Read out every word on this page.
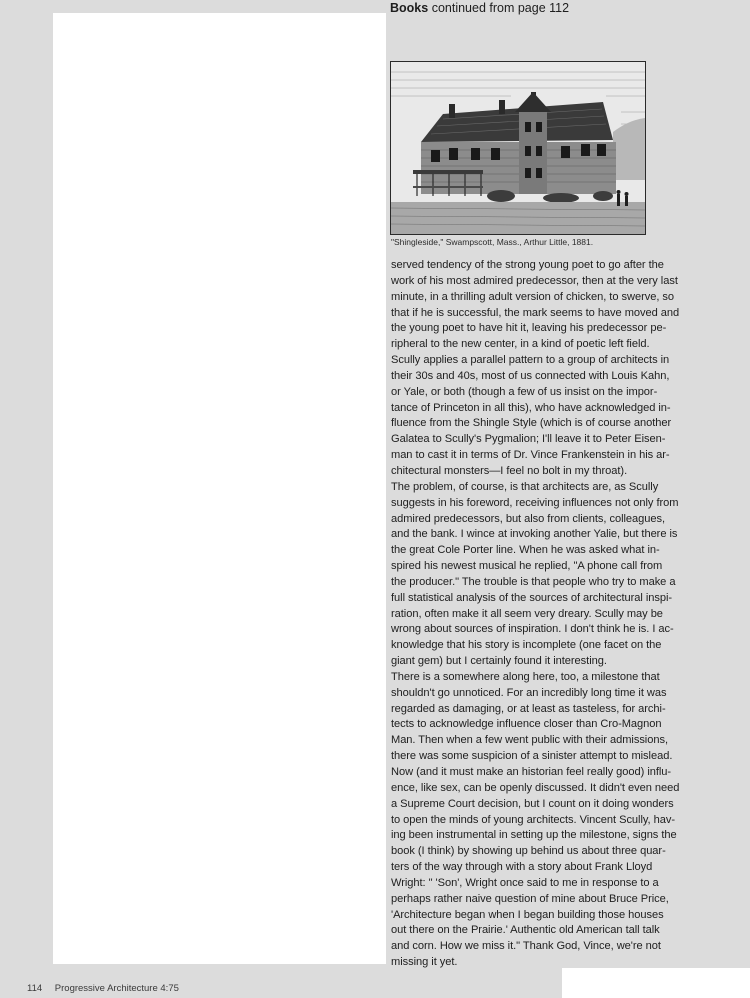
Books continued from page 112
"Shingleside," Swampscott, Mass., Arthur Little, 1881.
served tendency of the strong young poet to go after the
work of his most admired predecessor, then at the very last
minute, in a thrilling adult version of chicken, to swerve, so
that if he is successful, the mark seems to have moved and
the young poet to have hit it, leaving his predecessor pe-
ripheral to the new center, in a kind of poetic left field.
Scully applies a parallel pattern to a group of architects in
their 30s and 40s, most of us connected with Louis Kahn,
or Yale, or both (though a few of us insist on the impor-
tance of Princeton in all this), who have acknowledged in-
fluence from the Shingle Style (which is of course another
Galatea to Scully's Pygmalion; I'll leave it to Peter Eisen-
man to cast it in terms of Dr. Vince Frankenstein in his ar-
chitectural monsters—I feel no bolt in my throat).
The problem, of course, is that architects are, as Scully
suggests in his foreword, receiving influences not only from
admired predecessors, but also from clients, colleagues,
and the bank. I wince at invoking another Yalie, but there is
the great Cole Porter line. When he was asked what in-
spired his newest musical he replied, "A phone call from
the producer." The trouble is that people who try to make a
full statistical analysis of the sources of architectural inspi-
ration, often make it all seem very dreary. Scully may be
wrong about sources of inspiration. I don't think he is. I ac-
knowledge that his story is incomplete (one facet on the
giant gem) but I certainly found it interesting.
There is a somewhere along here, too, a milestone that
shouldn't go unnoticed. For an incredibly long time it was
regarded as damaging, or at least as tasteless, for archi-
tects to acknowledge influence closer than Cro-Magnon
Man. Then when a few went public with their admissions,
there was some suspicion of a sinister attempt to mislead.
Now (and it must make an historian feel really good) influ-
ence, like sex, can be openly discussed. It didn't even need
a Supreme Court decision, but I count on it doing wonders
to open the minds of young architects. Vincent Scully, hav-
ing been instrumental in setting up the milestone, signs the
book (I think) by showing up behind us about three quar-
ters of the way through with a story about Frank Lloyd
Wright: " 'Son', Wright once said to me in response to a
perhaps rather naive question of mine about Bruce Price,
'Architecture began when I began building those houses
out there on the Prairie.' Authentic old American tall talk
and corn. How we miss it." Thank God, Vince, we're not
missing it yet.
114 Progressive Architecture 4:75
